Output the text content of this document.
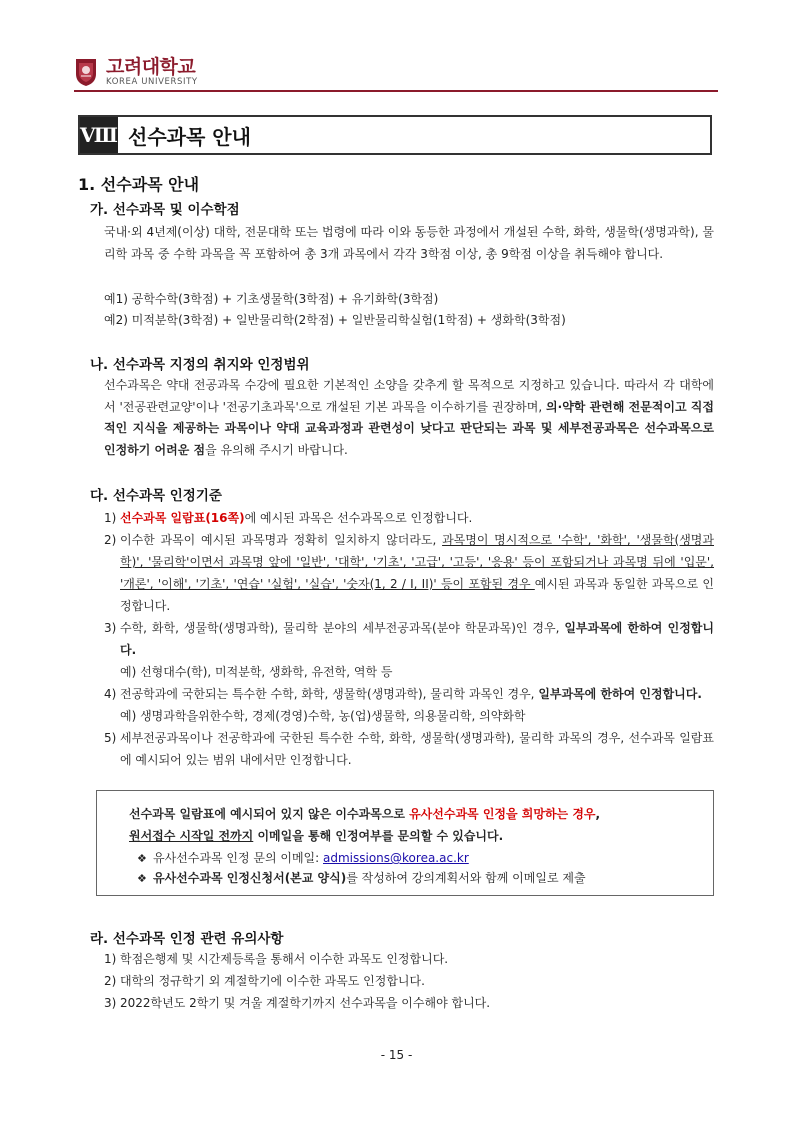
고려대학교
KOREA UNIVERSITY
Ⅷ 선수과목 안내
1. 선수과목 안내
가. 선수과목 및 이수학점
국내·외 4년제(이상) 대학, 전문대학 또는 법령에 따라 이와 동등한 과정에서 개설된 수학, 화학, 생물학(생명과학), 물리학 과목 중 수학 과목을 꼭 포함하여 총 3개 과목에서 각각 3학점 이상, 총 9학점 이상을 취득해야 합니다.
예1) 공학수학(3학점) + 기초생물학(3학점) + 유기화학(3학점)
예2) 미적분학(3학점) + 일반물리학(2학점) + 일반물리학실험(1학점) + 생화학(3학점)
나. 선수과목 지정의 취지와 인정범위
선수과목은 약대 전공과목 수강에 필요한 기본적인 소양을 갖추게 할 목적으로 지정하고 있습니다. 따라서 각 대학에서 '전공관련교양'이나 '전공기초과목'으로 개설된 기본 과목을 이수하기를 권장하며, 의·약학 관련해 전문적이고 직접적인 지식을 제공하는 과목이나 약대 교육과정과 관련성이 낮다고 판단되는 과목 및 세부전공과목은 선수과목으로 인정하기 어려운 점을 유의해 주시기 바랍니다.
다. 선수과목 인정기준
1) 선수과목 일람표(16쪽)에 예시된 과목은 선수과목으로 인정합니다.
2) 이수한 과목이 예시된 과목명과 정확히 일치하지 않더라도, 과목명이 명시적으로 '수학', '화학', '생물학(생명과학)', '물리학'이면서 과목명 앞에 '일반', '대학', '기초', '고급', '고등', '응용' 등이 포함되거나 과목명 뒤에 '입문', '개론', '이해', '기초', '연습' '실험', '실습', '숫자(1, 2 / I, II)' 등이 포함된 경우 예시된 과목과 동일한 과목으로 인정합니다.
3) 수학, 화학, 생물학(생명과학), 물리학 분야의 세부전공과목(분야 학문과목)인 경우, 일부과목에 한하여 인정합니다.
예) 선형대수(학), 미적분학, 생화학, 유전학, 역학 등
4) 전공학과에 국한되는 특수한 수학, 화학, 생물학(생명과학), 물리학 과목인 경우, 일부과목에 한하여 인정합니다.
예) 생명과학을위한수학, 경제(경영)수학, 농(업)생물학, 의용물리학, 의약화학
5) 세부전공과목이나 전공학과에 국한된 특수한 수학, 화학, 생물학(생명과학), 물리학 과목의 경우, 선수과목 일람표에 예시되어 있는 범위 내에서만 인정합니다.
선수과목 일람표에 예시되어 있지 않은 이수과목으로 유사선수과목 인정을 희망하는 경우,
원서접수 시작일 전까지 이메일을 통해 인정여부를 문의할 수 있습니다.
❖ 유사선수과목 인정 문의 이메일: admissions@korea.ac.kr
❖ 유사선수과목 인정신청서(본교 양식)를 작성하여 강의계획서와 함께 이메일로 제출
라. 선수과목 인정 관련 유의사항
1) 학점은행제 및 시간제등록을 통해서 이수한 과목도 인정합니다.
2) 대학의 정규학기 외 계절학기에 이수한 과목도 인정합니다.
3) 2022학년도 2학기 및 겨울 계절학기까지 선수과목을 이수해야 합니다.
- 15 -
